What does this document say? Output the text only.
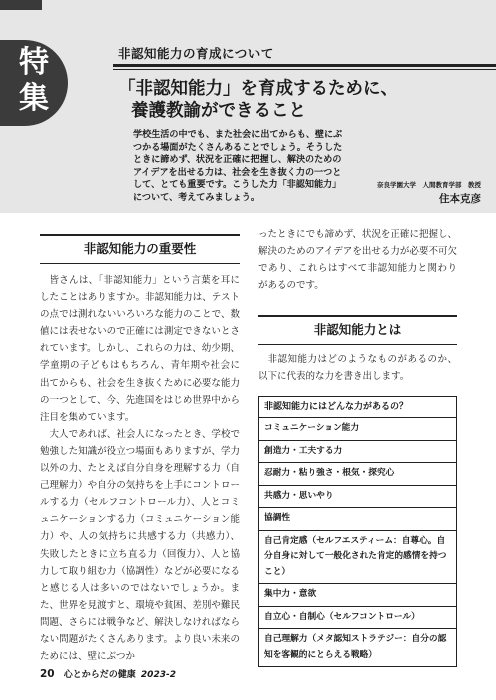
特
集
非認知能力の育成について
「非認知能力」を育成するために、
養護教諭ができること

学校生活の中でも、また社会に出てからも、壁にぶつかる場面がたくさんあることでしょう。そうしたときに諦めず、状況を正確に把握し、解決のためのアイデアを出せる力は、社会を生き抜く力の一つとして、とても重要です。こうした力「非認知能力」について、考えてみましょう。

奈良学園大学　人間教育学部　教授
住本克彦
非認知能力の重要性

皆さんは、「非認知能力」という言葉を耳にしたことはありますか。非認知能力は、テストの点では測れないいろいろな能力のことで、数値には表せないので正確には測定できないとされています。しかし、これらの力は、幼少期、学童期の子どもはもちろん、青年期や社会に出てからも、社会を生き抜くために必要な能力の一つとして、今、先進国をはじめ世界中から注目を集めています。

大人であれば、社会人になったとき、学校で勉強した知識が役立つ場面もありますが、学力以外の力、たとえば自分自身を理解する力（自己理解力）や自分の気持ちを上手にコントロールする力（セルフコントロール力）、人とコミュニケーションする力（コミュニケーション能力）や、人の気持ちに共感する力（共感力）、失敗したときに立ち直る力（回復力）、人と協力して取り組む力（協調性）などが必要になると感じる人は多いのではないでしょうか。また、世界を見渡すと、環境や貧困、差別や難民問題、さらには戦争など、解決しなければならない問題がたくさんあります。より良い未来のためには、壁にぶつか

ったときにでも諦めず、状況を正確に把握し、解決のためのアイデアを出せる力が必要不可欠であり、これらはすべて非認知能力と関わりがあるのです。

非認知能力とは

非認知能力はどのようなものがあるのか、以下に代表的な力を書き出します。

非認知能力にはどんな力があるの？
コミュニケーション能力
創造力・工夫する力
忍耐力・粘り強さ・根気・探究心
共感力・思いやり
協調性
自己肯定感（セルフエスティーム：自尊心。自分自身に対して一般化された肯定的感情を持つこと）
集中力・意欲
自立心・自制心（セルフコントロール）
自己理解力（メタ認知ストラテジー：自分の認知を客観的にとらえる戦略）
20 心とからだの健康 2023-2
